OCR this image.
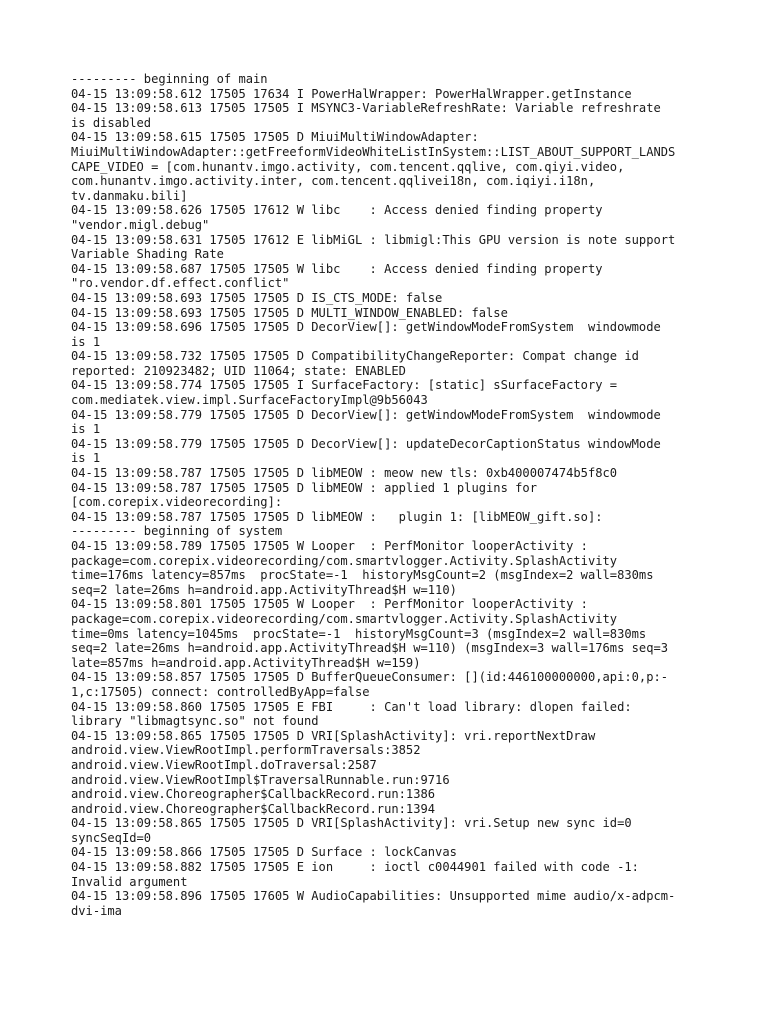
--------- beginning of main
04-15 13:09:58.612 17505 17634 I PowerHalWrapper: PowerHalWrapper.getInstance
04-15 13:09:58.613 17505 17505 I MSYNC3-VariableRefreshRate: Variable refreshrate
is disabled
04-15 13:09:58.615 17505 17505 D MiuiMultiWindowAdapter:
MiuiMultiWindowAdapter::getFreeformVideoWhiteListInSystem::LIST_ABOUT_SUPPORT_LANDS
CAPE_VIDEO = [com.hunantv.imgo.activity, com.tencent.qqlive, com.qiyi.video,
com.hunantv.imgo.activity.inter, com.tencent.qqlivei18n, com.iqiyi.i18n,
tv.danmaku.bili]
04-15 13:09:58.626 17505 17612 W libc    : Access denied finding property
"vendor.migl.debug"
04-15 13:09:58.631 17505 17612 E libMiGL : libmigl:This GPU version is note support
Variable Shading Rate
04-15 13:09:58.687 17505 17505 W libc    : Access denied finding property
"ro.vendor.df.effect.conflict"
04-15 13:09:58.693 17505 17505 D IS_CTS_MODE: false
04-15 13:09:58.693 17505 17505 D MULTI_WINDOW_ENABLED: false
04-15 13:09:58.696 17505 17505 D DecorView[]: getWindowModeFromSystem  windowmode
is 1
04-15 13:09:58.732 17505 17505 D CompatibilityChangeReporter: Compat change id
reported: 210923482; UID 11064; state: ENABLED
04-15 13:09:58.774 17505 17505 I SurfaceFactory: [static] sSurfaceFactory =
com.mediatek.view.impl.SurfaceFactoryImpl@9b56043
04-15 13:09:58.779 17505 17505 D DecorView[]: getWindowModeFromSystem  windowmode
is 1
04-15 13:09:58.779 17505 17505 D DecorView[]: updateDecorCaptionStatus windowMode
is 1
04-15 13:09:58.787 17505 17505 D libMEOW : meow new tls: 0xb400007474b5f8c0
04-15 13:09:58.787 17505 17505 D libMEOW : applied 1 plugins for
[com.corepix.videorecording]:
04-15 13:09:58.787 17505 17505 D libMEOW :   plugin 1: [libMEOW_gift.so]:
--------- beginning of system
04-15 13:09:58.789 17505 17505 W Looper  : PerfMonitor looperActivity :
package=com.corepix.videorecording/com.smartvlogger.Activity.SplashActivity
time=176ms latency=857ms  procState=-1  historyMsgCount=2 (msgIndex=2 wall=830ms
seq=2 late=26ms h=android.app.ActivityThread$H w=110)
04-15 13:09:58.801 17505 17505 W Looper  : PerfMonitor looperActivity :
package=com.corepix.videorecording/com.smartvlogger.Activity.SplashActivity
time=0ms latency=1045ms  procState=-1  historyMsgCount=3 (msgIndex=2 wall=830ms
seq=2 late=26ms h=android.app.ActivityThread$H w=110) (msgIndex=3 wall=176ms seq=3
late=857ms h=android.app.ActivityThread$H w=159)
04-15 13:09:58.857 17505 17505 D BufferQueueConsumer: [](id:446100000000,api:0,p:-
1,c:17505) connect: controlledByApp=false
04-15 13:09:58.860 17505 17505 E FBI     : Can't load library: dlopen failed:
library "libmagtsync.so" not found
04-15 13:09:58.865 17505 17505 D VRI[SplashActivity]: vri.reportNextDraw
android.view.ViewRootImpl.performTraversals:3852
android.view.ViewRootImpl.doTraversal:2587
android.view.ViewRootImpl$TraversalRunnable.run:9716
android.view.Choreographer$CallbackRecord.run:1386
android.view.Choreographer$CallbackRecord.run:1394
04-15 13:09:58.865 17505 17505 D VRI[SplashActivity]: vri.Setup new sync id=0
syncSeqId=0
04-15 13:09:58.866 17505 17505 D Surface : lockCanvas
04-15 13:09:58.882 17505 17505 E ion     : ioctl c0044901 failed with code -1:
Invalid argument
04-15 13:09:58.896 17505 17605 W AudioCapabilities: Unsupported mime audio/x-adpcm-
dvi-ima
